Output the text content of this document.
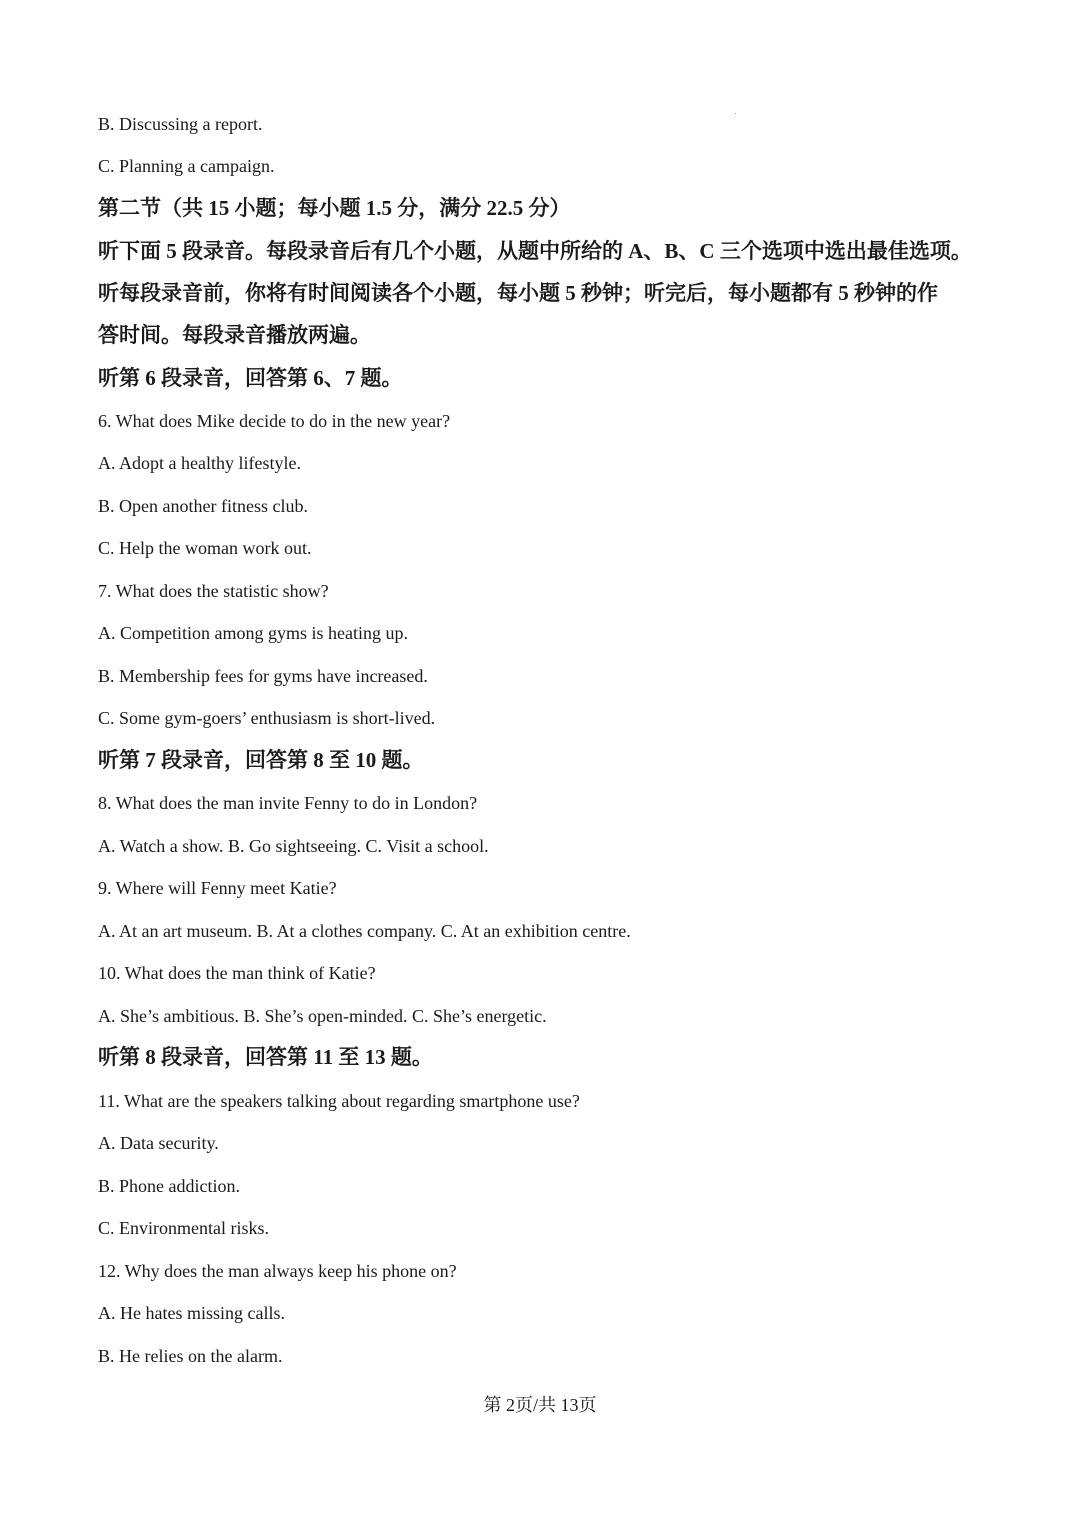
B. Discussing a report.
C. Planning a campaign.
第二节（共 15 小题；每小题 1.5 分，满分 22.5 分）
听下面 5 段录音。每段录音后有几个小题，从题中所给的 A、B、C 三个选项中选出最佳选项。
听每段录音前，你将有时间阅读各个小题，每小题 5 秒钟；听完后，每小题都有 5 秒钟的作
答时间。每段录音播放两遍。
听第 6 段录音，回答第 6、7 题。
6. What does Mike decide to do in the new year?
A. Adopt a healthy lifestyle.
B. Open another fitness club.
C. Help the woman work out.
7. What does the statistic show?
A. Competition among gyms is heating up.
B. Membership fees for gyms have increased.
C. Some gym-goers’ enthusiasm is short-lived.
听第 7 段录音，回答第 8 至 10 题。
8. What does the man invite Fenny to do in London?
A. Watch a show. B. Go sightseeing. C. Visit a school.
9. Where will Fenny meet Katie?
A. At an art museum. B. At a clothes company. C. At an exhibition centre.
10. What does the man think of Katie?
A. She’s ambitious. B. She’s open-minded. C. She’s energetic.
听第 8 段录音，回答第 11 至 13 题。
11. What are the speakers talking about regarding smartphone use?
A. Data security.
B. Phone addiction.
C. Environmental risks.
12. Why does the man always keep his phone on?
A. He hates missing calls.
B. He relies on the alarm.
第 2页/共 13页
